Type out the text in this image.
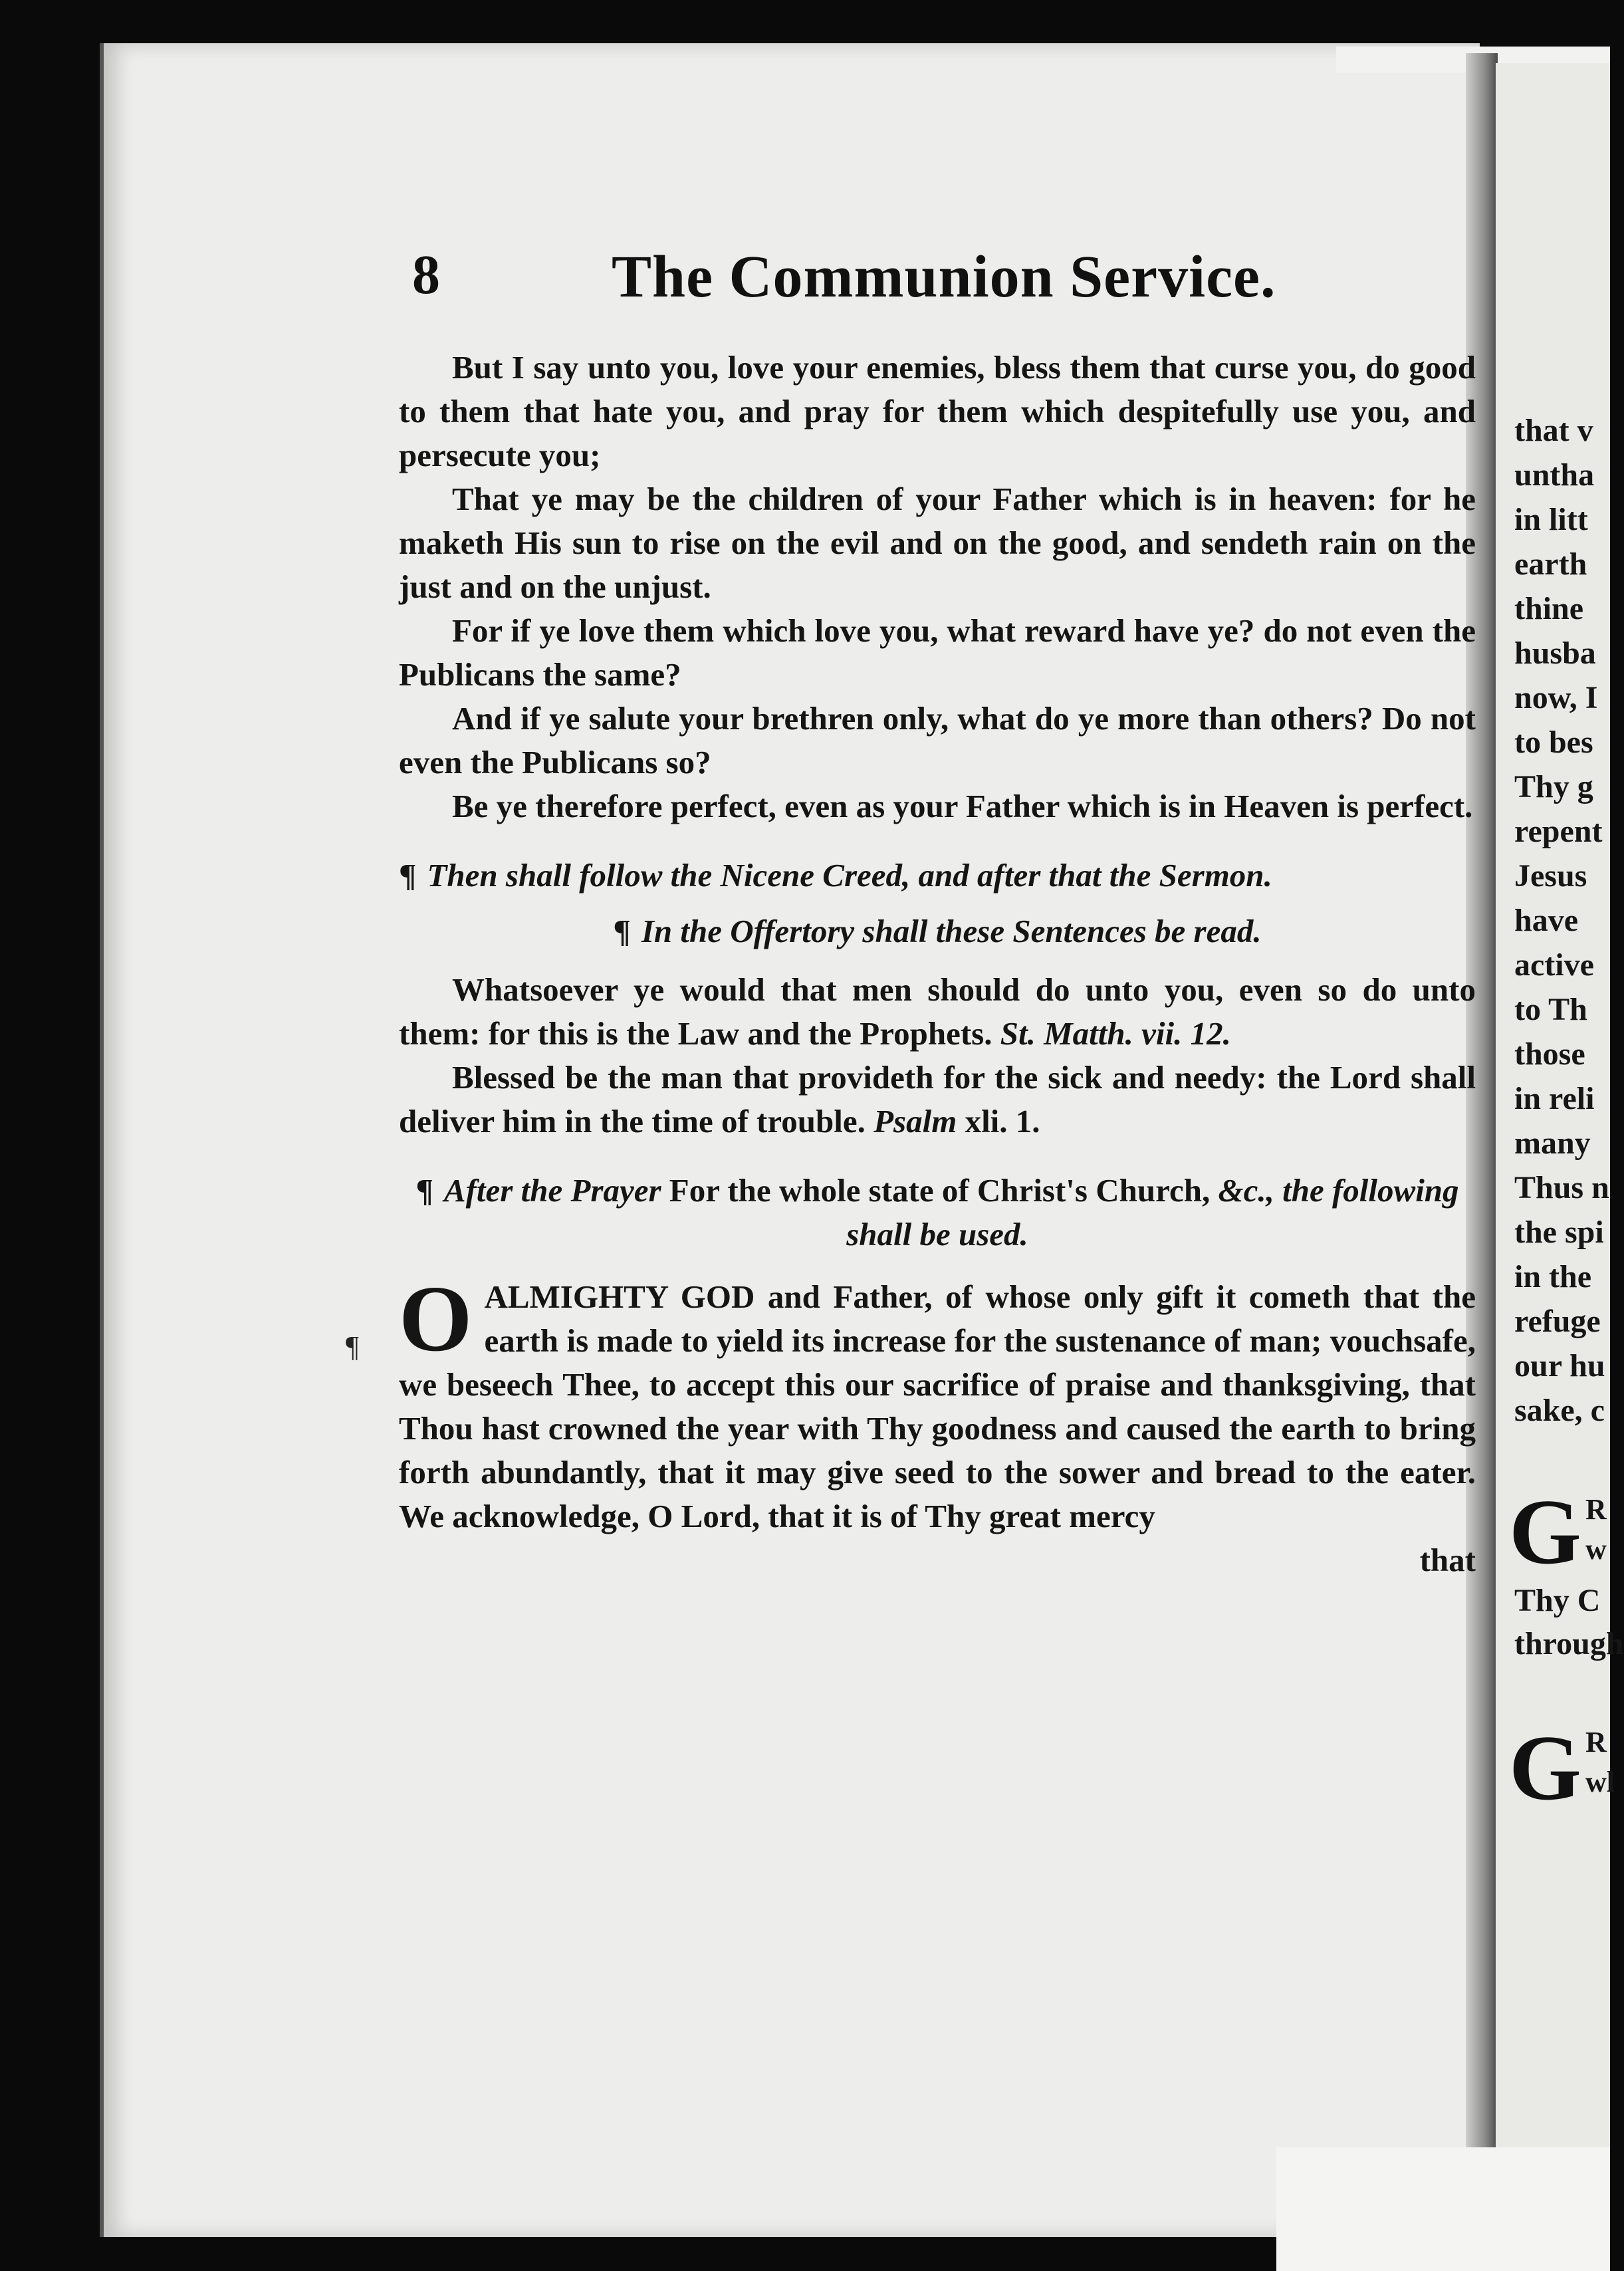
that v
untha
in litt
earth
thine
husba
now, I
to bes
Thy g
repent
Jesus
have
active
to Th
those
in reli
many
Thus n
the spi
in the
refuge
our hu
sake, c
G R
w
Thy C
through
G R
wl
8	The Communion Service.
¶

But I say unto you, love your enemies, bless them that curse you, do good to them that hate you, and pray for them which despitefully use you, and persecute you;

That ye may be the children of your Father which is in heaven: for he maketh His sun to rise on the evil and on the good, and sendeth rain on the just and on the unjust.

For if ye love them which love you, what reward have ye? do not even the Publicans the same?

And if ye salute your brethren only, what do ye more than others? Do not even the Publicans so?

Be ye therefore perfect, even as your Father which is in Heaven is perfect.

¶ Then shall follow the Nicene Creed, and after that the Sermon.

¶ In the Offertory shall these Sentences be read.

Whatsoever ye would that men should do unto you, even so do unto them: for this is the Law and the Prophets. St. Matth. vii. 12.

Blessed be the man that provideth for the sick and needy: the Lord shall deliver him in the time of trouble. Psalm xli. 1.

¶ After the Prayer For the whole state of Christ's Church, &c., the following shall be used.

OALMIGHTY GOD and Father, of whose only gift it cometh that the earth is made to yield its increase for the sustenance of man; vouchsafe, we beseech Thee, to accept this our sacrifice of praise and thanksgiving, that Thou hast crowned the year with Thy goodness and caused the earth to bring forth abundantly, that it may give seed to the sower and bread to the eater. We acknowledge, O Lord, that it is of Thy great mercy

that
